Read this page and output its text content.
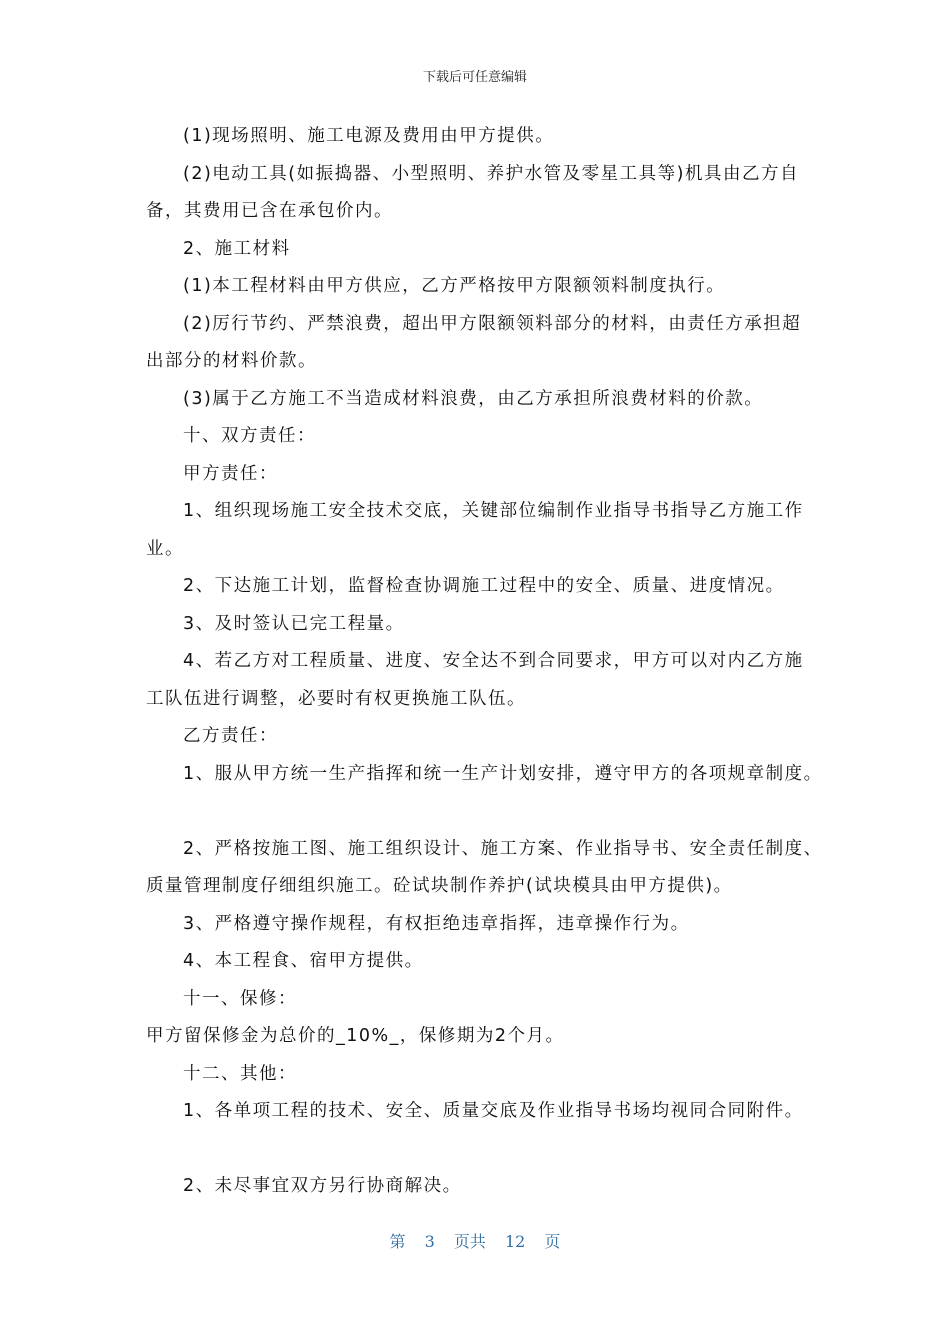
下载后可任意编辑

(1)现场照明、施工电源及费用由甲方提供。

(2)电动工具(如振捣器、小型照明、养护水管及零星工具等)机具由乙方自

备，其费用已含在承包价内。

2、施工材料

(1)本工程材料由甲方供应，乙方严格按甲方限额领料制度执行。

(2)厉行节约、严禁浪费，超出甲方限额领料部分的材料，由责任方承担超

出部分的材料价款。

(3)属于乙方施工不当造成材料浪费，由乙方承担所浪费材料的价款。

十、双方责任：

甲方责任：

1、组织现场施工安全技术交底，关键部位编制作业指导书指导乙方施工作

业。

2、下达施工计划，监督检查协调施工过程中的安全、质量、进度情况。

3、及时签认已完工程量。

4、若乙方对工程质量、进度、安全达不到合同要求，甲方可以对内乙方施

工队伍进行调整，必要时有权更换施工队伍。

乙方责任：

1、服从甲方统一生产指挥和统一生产计划安排，遵守甲方的各项规章制度。

2、严格按施工图、施工组织设计、施工方案、作业指导书、安全责任制度、

质量管理制度仔细组织施工。砼试块制作养护(试块模具由甲方提供)。

3、严格遵守操作规程，有权拒绝违章指挥，违章操作行为。

4、本工程食、宿甲方提供。

十一、保修：

甲方留保修金为总价的_10%_，保修期为2个月。

十二、其他：

1、各单项工程的技术、安全、质量交底及作业指导书场均视同合同附件。

2、未尽事宜双方另行协商解决。

第 3 页共 12 页
